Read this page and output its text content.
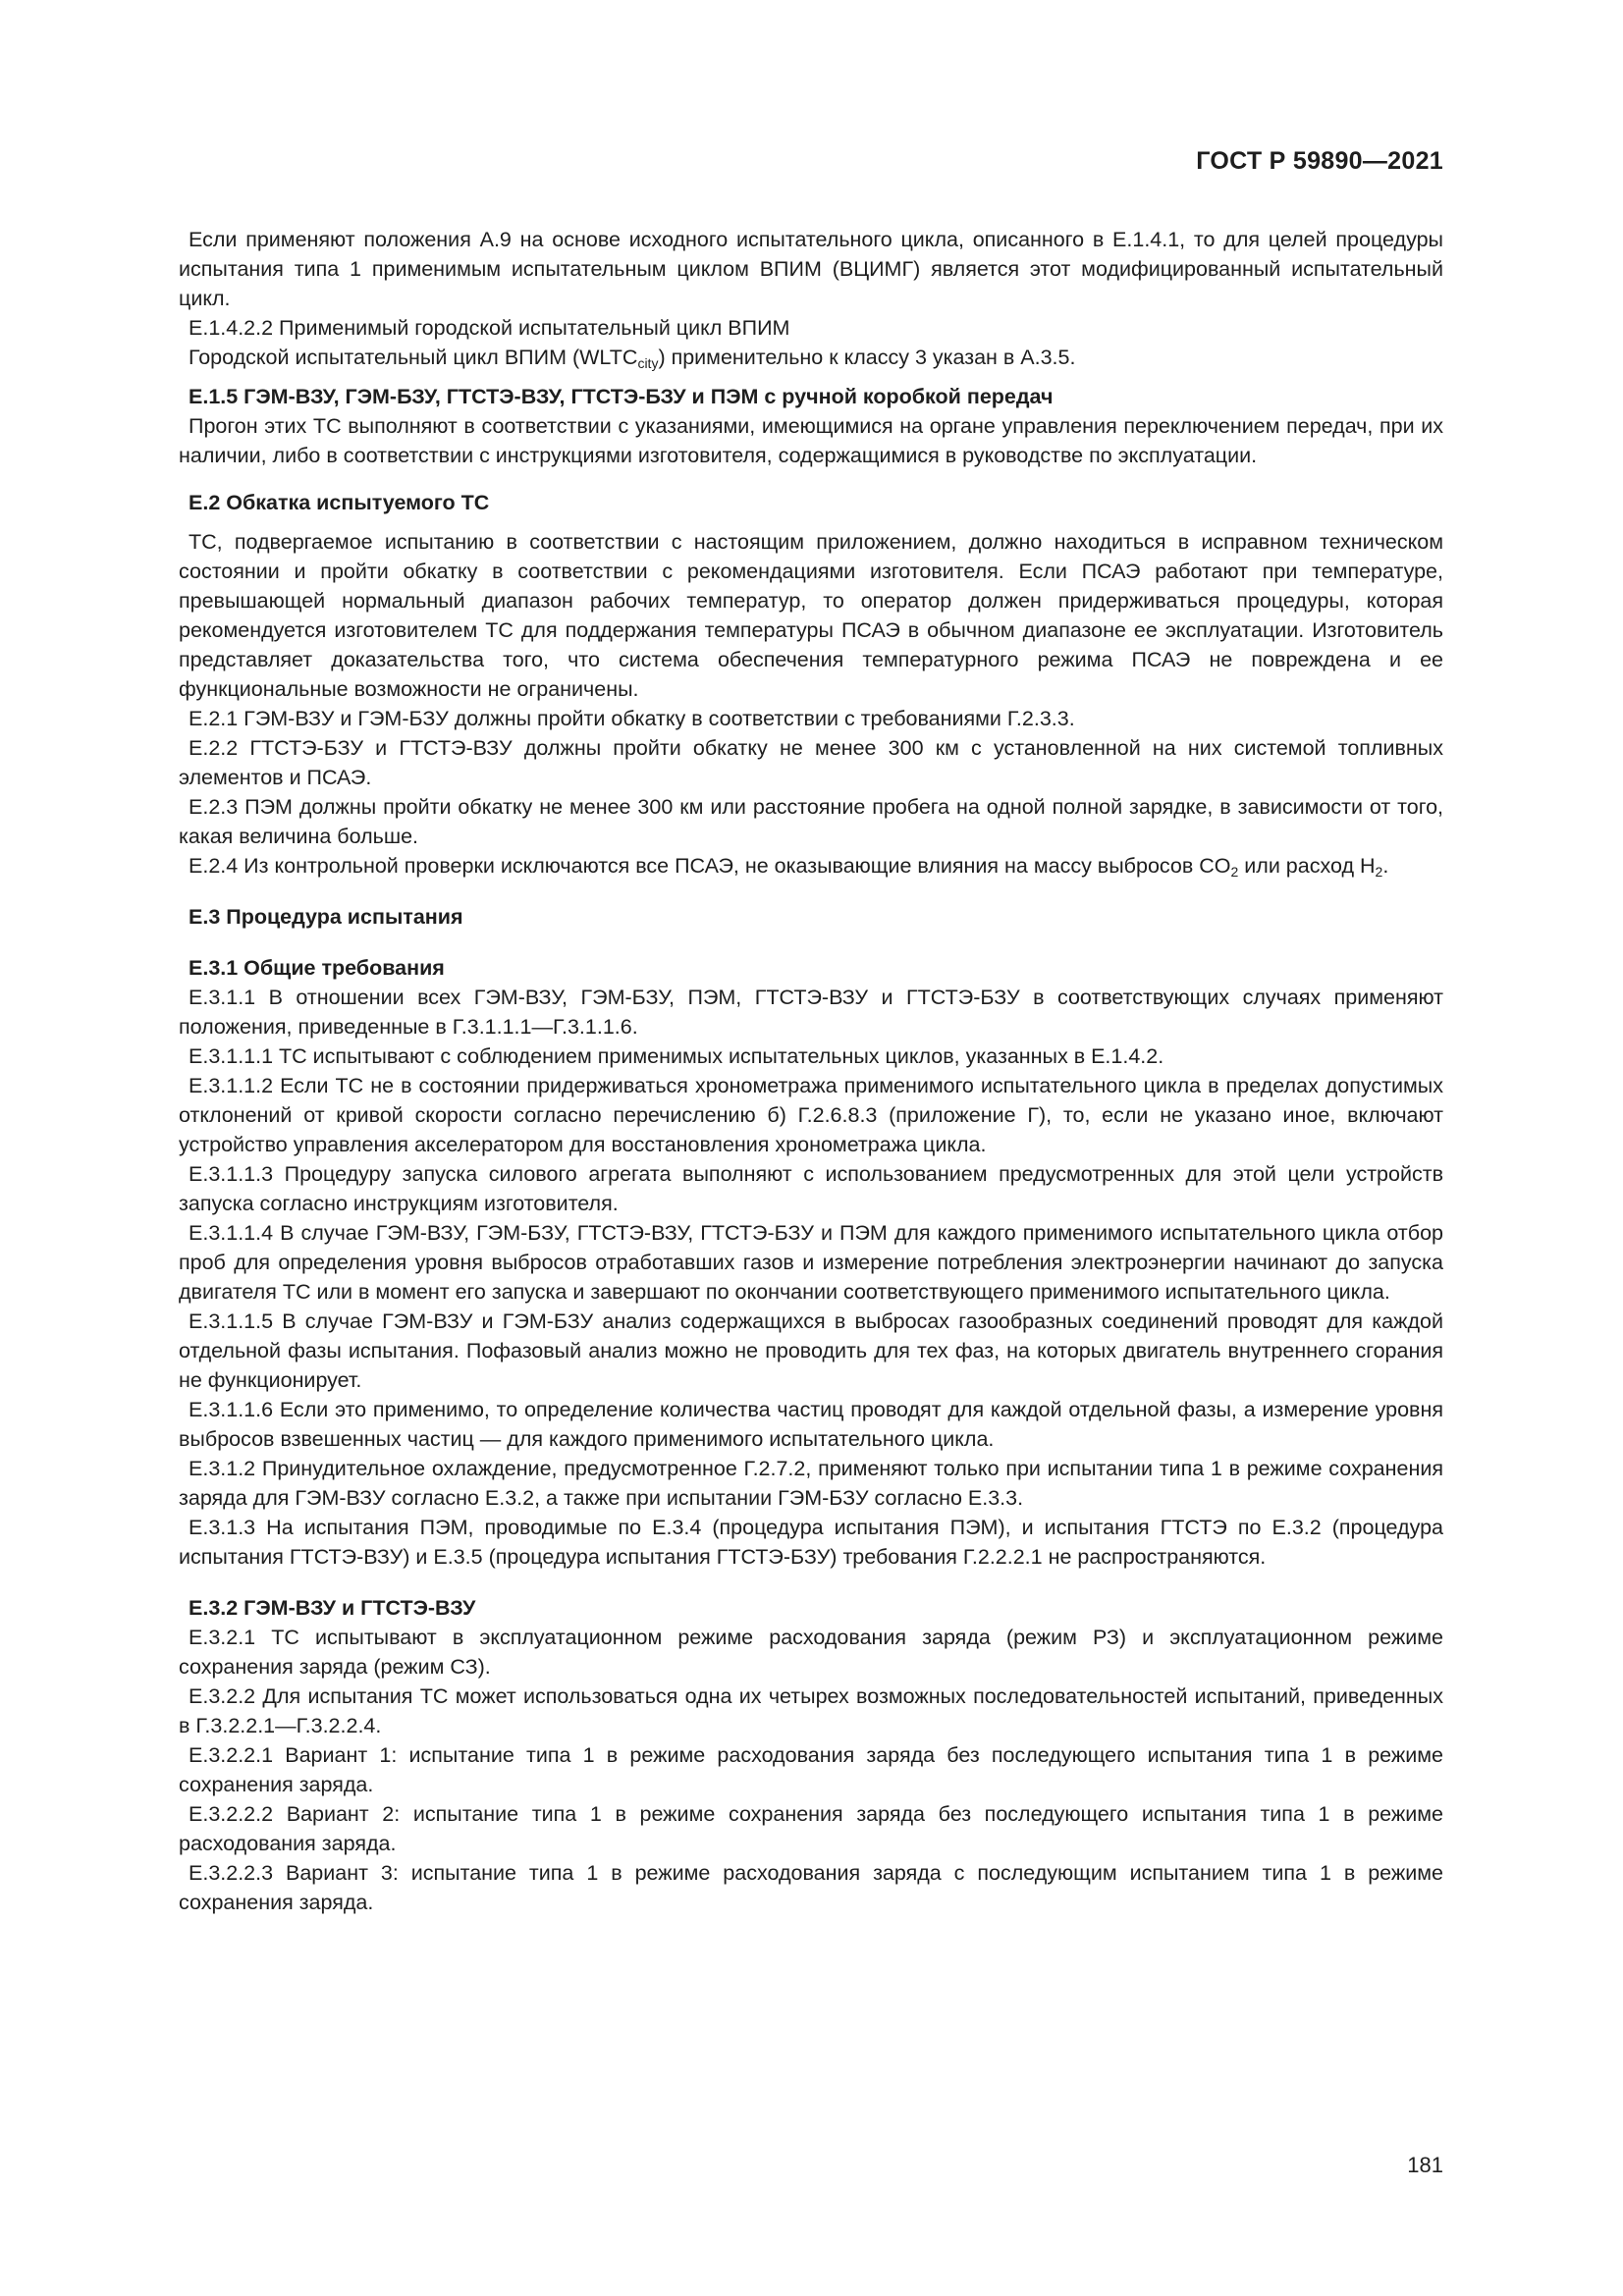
ГОСТ Р 59890—2021

Если применяют положения А.9 на основе исходного испытательного цикла, описанного в Е.1.4.1, то для целей процедуры испытания типа 1 применимым испытательным циклом ВПИМ (ВЦИМГ) является этот модифицированный испытательный цикл.

Е.1.4.2.2 Применимый городской испытательный цикл ВПИМ

Городской испытательный цикл ВПИМ $(WLTC_{city})$ применительно к классу 3 указан в А.3.5.

Е.1.5 ГЭМ-ВЗУ, ГЭМ-БЗУ, ГТСТЭ-ВЗУ, ГТСТЭ-БЗУ и ПЭМ с ручной коробкой передач

Прогон этих ТС выполняют в соответствии с указаниями, имеющимися на органе управления переключением передач, при их наличии, либо в соответствии с инструкциями изготовителя, содержащимися в руководстве по эксплуатации.

Е.2 Обкатка испытуемого ТС

ТС, подвергаемое испытанию в соответствии с настоящим приложением, должно находиться в исправном техническом состоянии и пройти обкатку в соответствии с рекомендациями изготовителя. Если ПСАЭ работают при температуре, превышающей нормальный диапазон рабочих температур, то оператор должен придерживаться процедуры, которая рекомендуется изготовителем ТС для поддержания температуры ПСАЭ в обычном диапазоне ее эксплуатации. Изготовитель представляет доказательства того, что система обеспечения температурного режима ПСАЭ не повреждена и ее функциональные возможности не ограничены.

Е.2.1 ГЭМ-ВЗУ и ГЭМ-БЗУ должны пройти обкатку в соответствии с требованиями Г.2.3.3.

Е.2.2 ГТСТЭ-БЗУ и ГТСТЭ-ВЗУ должны пройти обкатку не менее 300 км с установленной на них системой топливных элементов и ПСАЭ.

Е.2.3 ПЭМ должны пройти обкатку не менее 300 км или расстояние пробега на одной полной зарядке, в зависимости от того, какая величина больше.

Е.2.4 Из контрольной проверки исключаются все ПСАЭ, не оказывающие влияния на массу выбросов $CO_2$ или расход $H_2$.

Е.3 Процедура испытания

Е.3.1 Общие требования

Е.3.1.1 В отношении всех ГЭМ-ВЗУ, ГЭМ-БЗУ, ПЭМ, ГТСТЭ-ВЗУ и ГТСТЭ-БЗУ в соответствующих случаях применяют положения, приведенные в Г.3.1.1.1—Г.3.1.1.6.

Е.3.1.1.1 ТС испытывают с соблюдением применимых испытательных циклов, указанных в Е.1.4.2.

Е.3.1.1.2 Если ТС не в состоянии придерживаться хронометража применимого испытательного цикла в пределах допустимых отклонений от кривой скорости согласно перечислению б) Г.2.6.8.3 (приложение Г), то, если не указано иное, включают устройство управления акселератором для восстановления хронометража цикла.

Е.3.1.1.3 Процедуру запуска силового агрегата выполняют с использованием предусмотренных для этой цели устройств запуска согласно инструкциям изготовителя.

Е.3.1.1.4 В случае ГЭМ-ВЗУ, ГЭМ-БЗУ, ГТСТЭ-ВЗУ, ГТСТЭ-БЗУ и ПЭМ для каждого применимого испытательного цикла отбор проб для определения уровня выбросов отработавших газов и измерение потребления электроэнергии начинают до запуска двигателя ТС или в момент его запуска и завершают по окончании соответствующего применимого испытательного цикла.

Е.3.1.1.5 В случае ГЭМ-ВЗУ и ГЭМ-БЗУ анализ содержащихся в выбросах газообразных соединений проводят для каждой отдельной фазы испытания. Пофазовый анализ можно не проводить для тех фаз, на которых двигатель внутреннего сгорания не функционирует.

Е.3.1.1.6 Если это применимо, то определение количества частиц проводят для каждой отдельной фазы, а измерение уровня выбросов взвешенных частиц — для каждого применимого испытательного цикла.

Е.3.1.2 Принудительное охлаждение, предусмотренное Г.2.7.2, применяют только при испытании типа 1 в режиме сохранения заряда для ГЭМ-ВЗУ согласно Е.3.2, а также при испытании ГЭМ-БЗУ согласно Е.3.3.

Е.3.1.3 На испытания ПЭМ, проводимые по Е.3.4 (процедура испытания ПЭМ), и испытания ГТСТЭ по Е.3.2 (процедура испытания ГТСТЭ-ВЗУ) и Е.3.5 (процедура испытания ГТСТЭ-БЗУ) требования Г.2.2.2.1 не распространяются.

Е.3.2 ГЭМ-ВЗУ и ГТСТЭ-ВЗУ

Е.3.2.1 ТС испытывают в эксплуатационном режиме расходования заряда (режим РЗ) и эксплуатационном режиме сохранения заряда (режим СЗ).

Е.3.2.2 Для испытания ТС может использоваться одна их четырех возможных последовательностей испытаний, приведенных в Г.3.2.2.1—Г.3.2.2.4.

Е.3.2.2.1 Вариант 1: испытание типа 1 в режиме расходования заряда без последующего испытания типа 1 в режиме сохранения заряда.

Е.3.2.2.2 Вариант 2: испытание типа 1 в режиме сохранения заряда без последующего испытания типа 1 в режиме расходования заряда.

Е.3.2.2.3 Вариант 3: испытание типа 1 в режиме расходования заряда с последующим испытанием типа 1 в режиме сохранения заряда.

181
